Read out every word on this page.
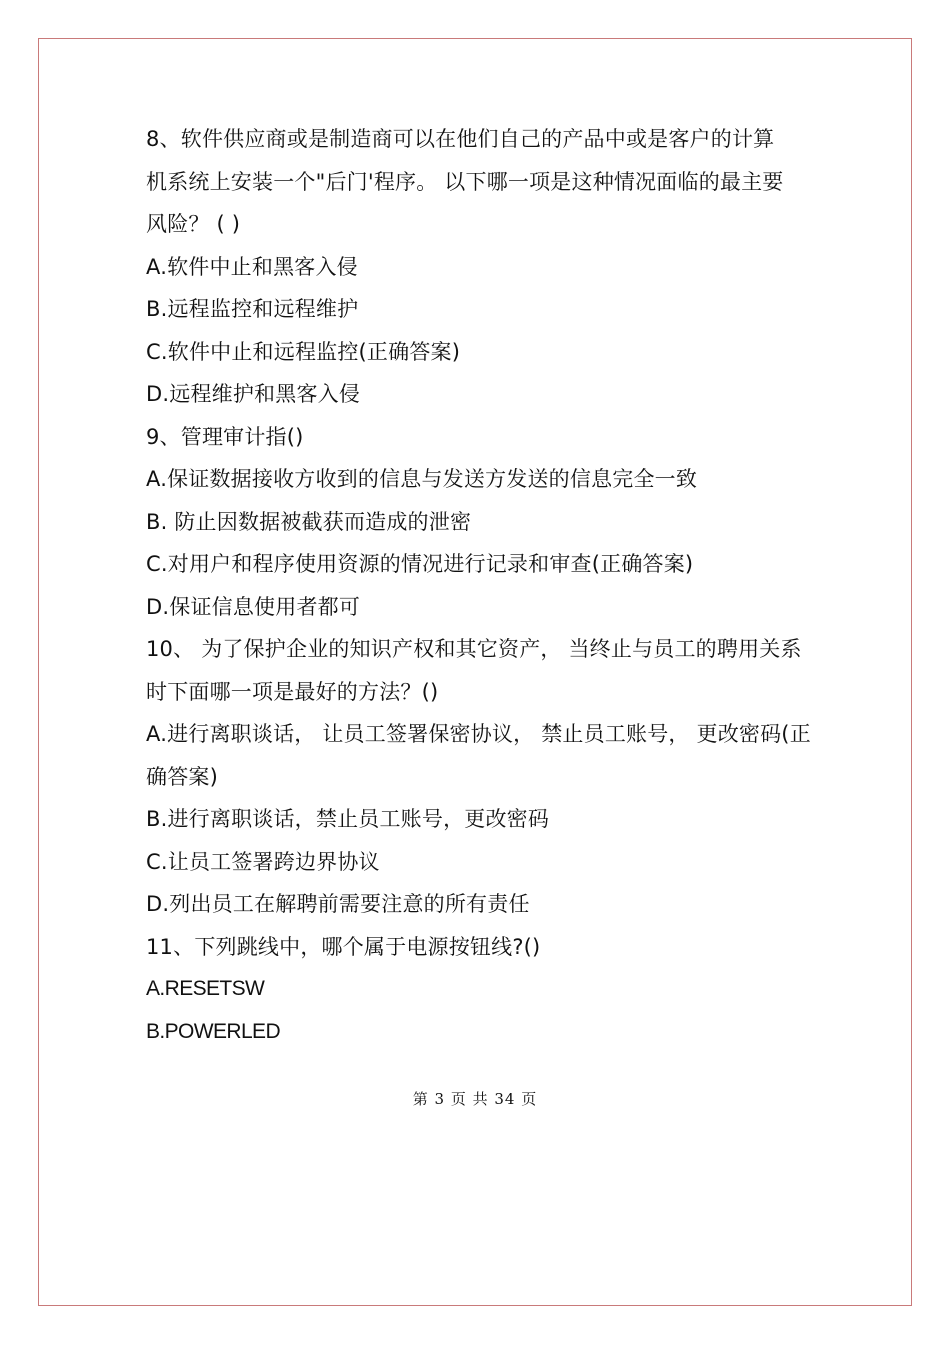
8、软件供应商或是制造商可以在他们自己的产品中或是客户的计算
机系统上安装一个"后门'程序。 以下哪一项是这种情况面临的最主要
风险？ ( )
A.软件中止和黑客入侵
B.远程监控和远程维护
C.软件中止和远程监控(正确答案)
D.远程维护和黑客入侵
9、管理审计指()
A.保证数据接收方收到的信息与发送方发送的信息完全一致
B. 防止因数据被截获而造成的泄密
C.对用户和程序使用资源的情况进行记录和审查(正确答案)
D.保证信息使用者都可
10、 为了保护企业的知识产权和其它资产， 当终止与员工的聘用关系
时下面哪一项是最好的方法？()
A.进行离职谈话， 让员工签署保密协议， 禁止员工账号， 更改密码(正
确答案)
B.进行离职谈话，禁止员工账号，更改密码
C.让员工签署跨边界协议
D.列出员工在解聘前需要注意的所有责任
11、下列跳线中，哪个属于电源按钮线?()
A.RESETSW
B.POWERLED
第 3 页 共 34 页
